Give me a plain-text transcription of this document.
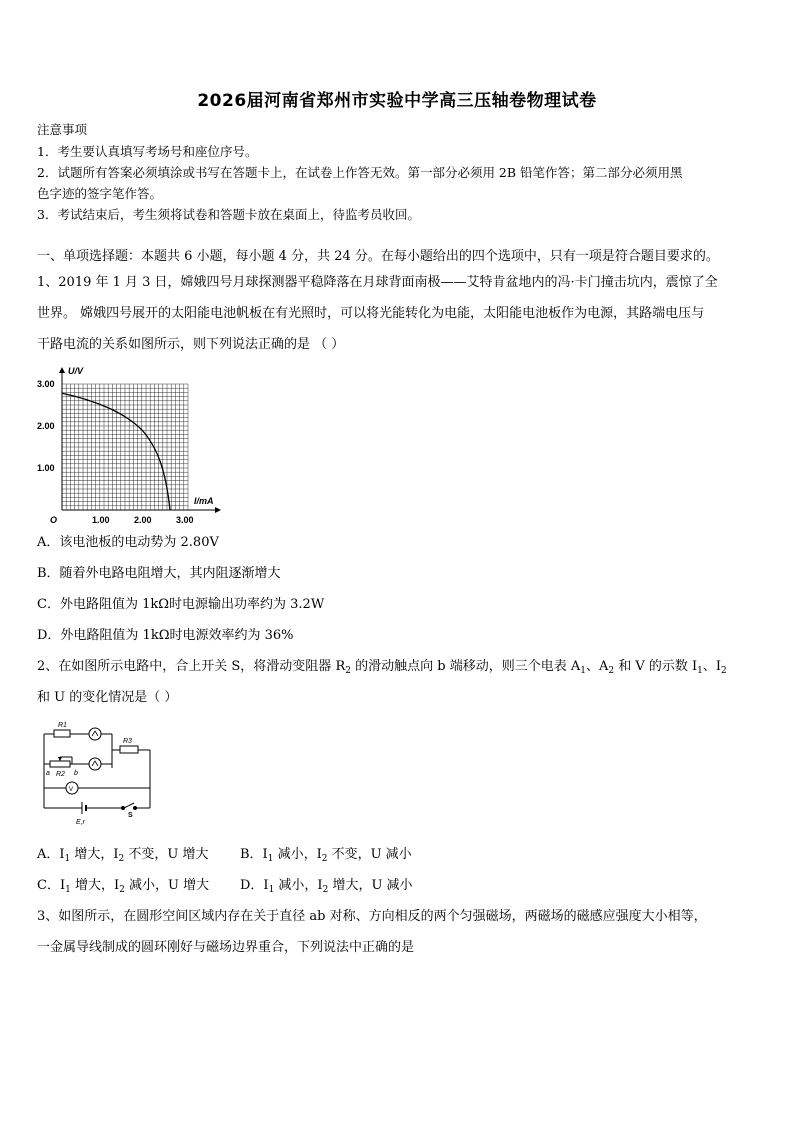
2026届河南省郑州市实验中学高三压轴卷物理试卷
注意事项
1．考生要认真填写考场号和座位序号。
2．试题所有答案必须填涂或书写在答题卡上，在试卷上作答无效。第一部分必须用 2B 铅笔作答；第二部分必须用黑
色字迹的签字笔作答。
3．考试结束后，考生须将试卷和答题卡放在桌面上，待监考员收回。
一、单项选择题：本题共 6 小题，每小题 4 分，共 24 分。在每小题给出的四个选项中，只有一项是符合题目要求的。
1、2019 年 1 月 3 日，嫦娥四号月球探测器平稳降落在月球背面南极——艾特肯盆地内的冯·卡门撞击坑内，震惊了全
世界。 嫦娥四号展开的太阳能电池帆板在有光照时，可以将光能转化为电能，太阳能电池板作为电源，其路端电压与
干路电流的关系如图所示，则下列说法正确的是 （ ）
U/V
I/mA
O
3.00
2.00
1.00
1.00	2.00	3.00
A．该电池板的电动势为 2.80V
B．随着外电路电阻增大，其内阻逐渐增大
C．外电路阻值为 1kΩ时电源输出功率约为 3.2W
D．外电路阻值为 1kΩ时电源效率约为 36%
2、在如图所示电路中，合上开关 S，将滑动变阻器 $R_2$ 的滑动触点向 b 端移动，则三个电表 $A_1$、$A_2$ 和 V 的示数 $I_1$、$I_2$
和 U 的变化情况是（ ）
R1
R3
R2
a	b
V
E,r
S
A．$I_1$ 增大，$I_2$ 不变，U 增大 B．$I_1$ 减小，$I_2$ 不变，U 减小
C．$I_1$ 增大，$I_2$ 减小，U 增大 D．$I_1$ 减小，$I_2$ 增大，U 减小
3、如图所示，在圆形空间区域内存在关于直径 ab 对称、方向相反的两个匀强磁场，两磁场的磁感应强度大小相等，
一金属导线制成的圆环刚好与磁场边界重合，下列说法中正确的是
